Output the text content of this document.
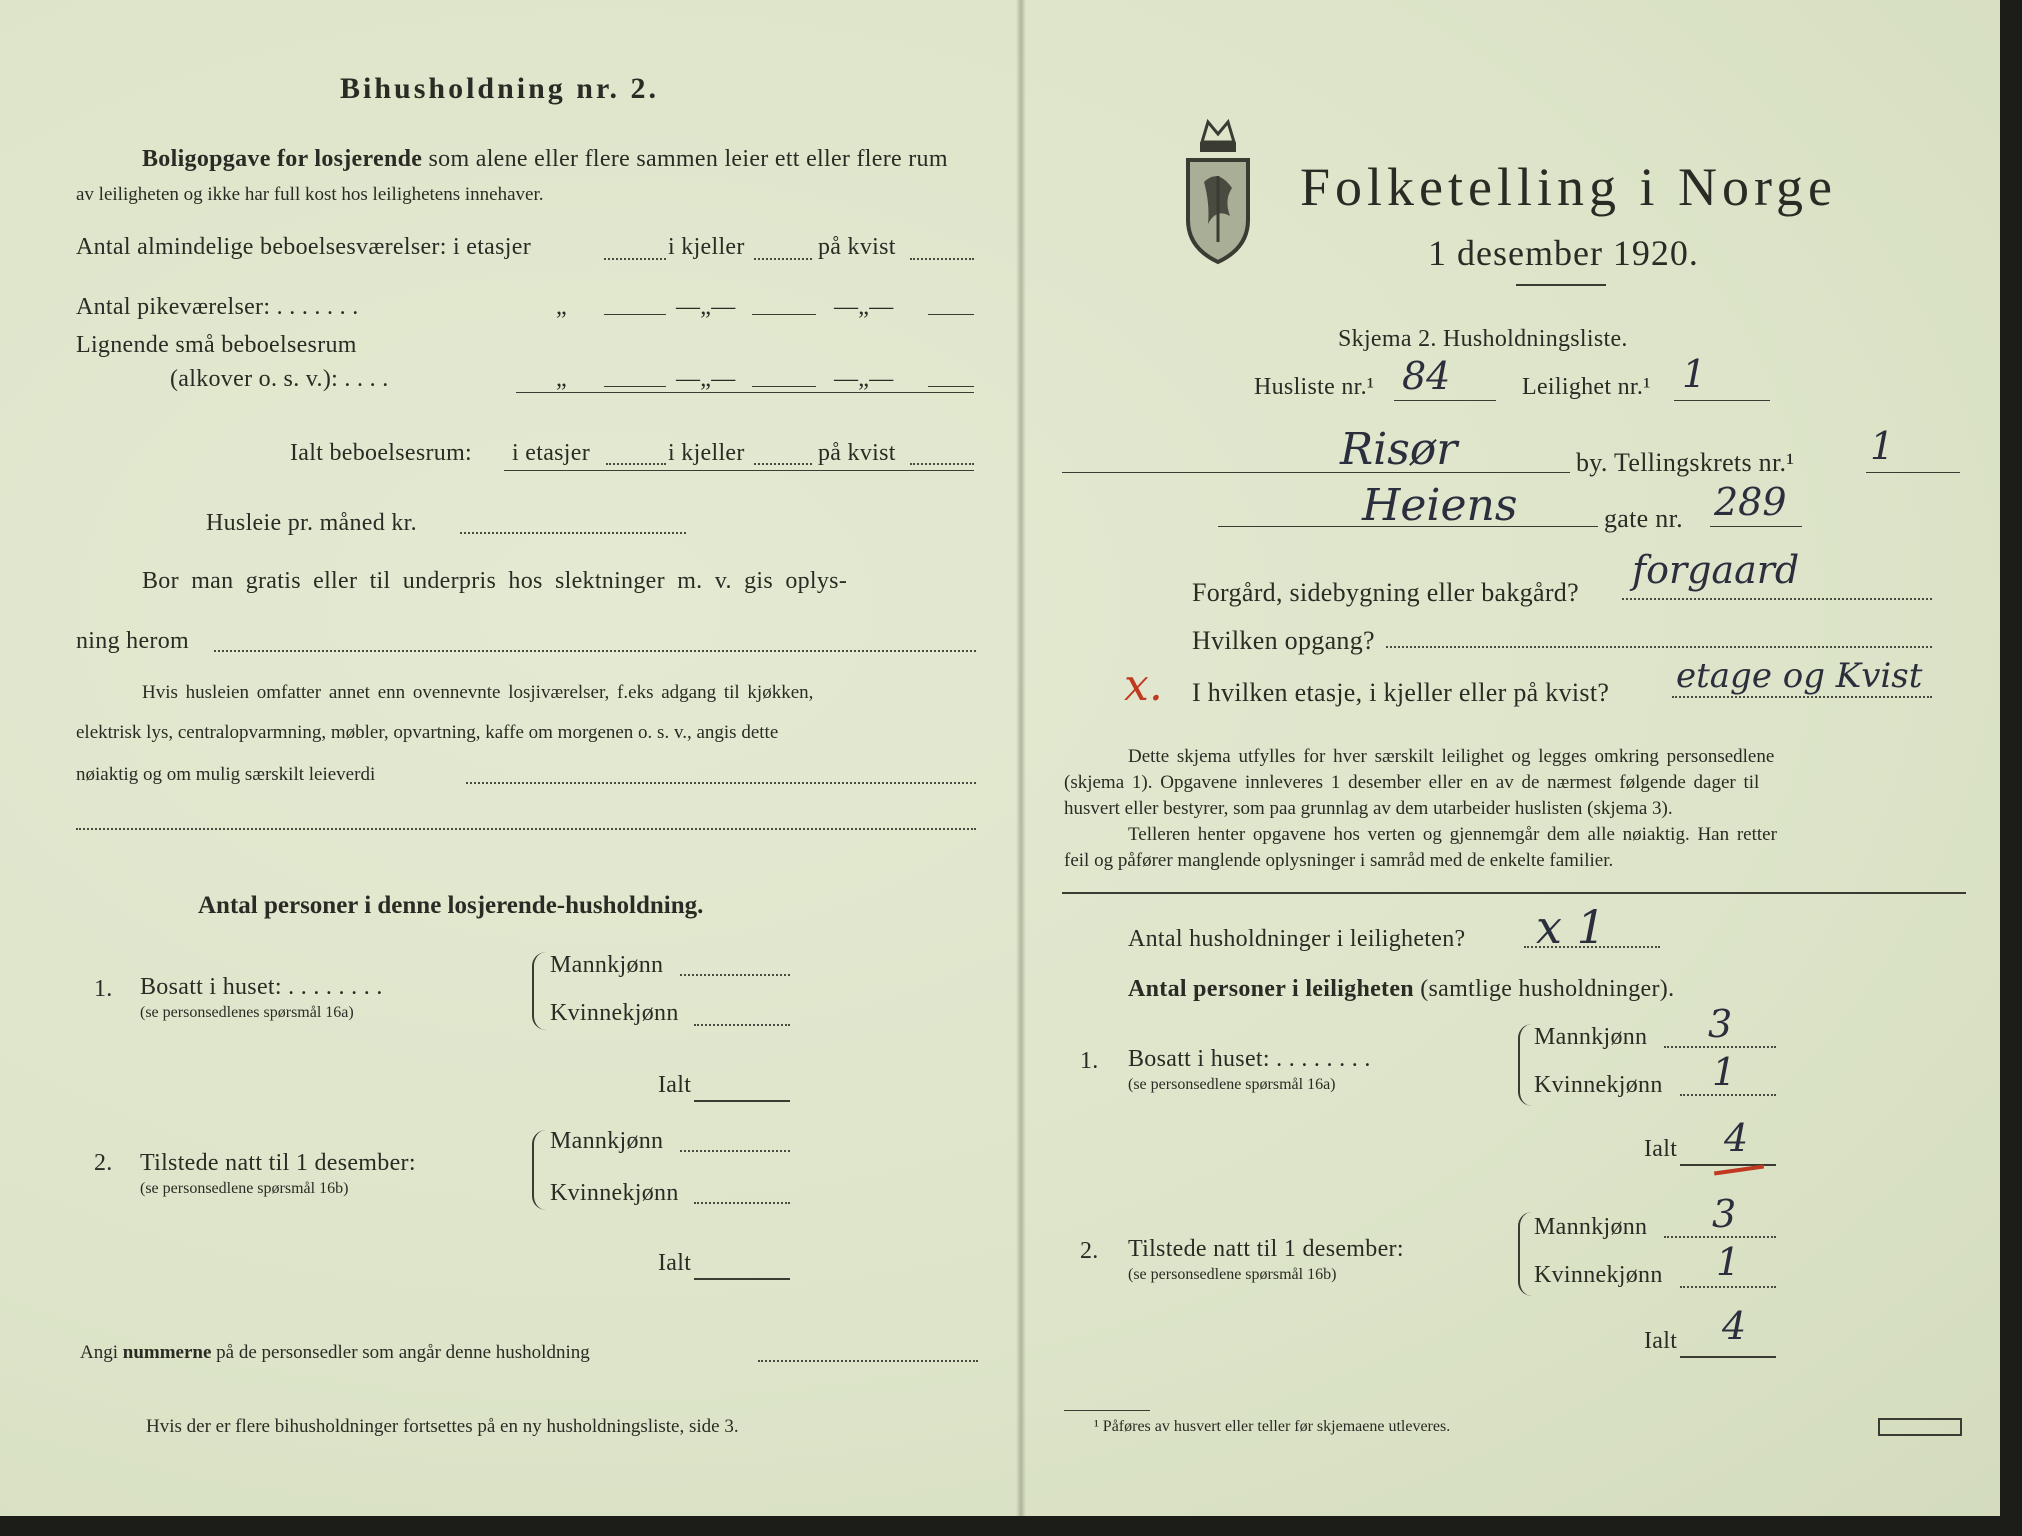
Bihusholdning nr. 2.
Boligopgave for losjerende som alene eller flere sammen leier ett eller flere rum
av leiligheten og ikke har full kost hos leilighetens innehaver.
Antal almindelige beboelsesværelser: i etasjer	i kjeller	på kvist
Antal pikeværelser: . . . . . . .	„	—„—	—„—
Lignende små beboelsesrum
(alkover o. s. v.): . . . .	„	—„—	—„—
Ialt beboelsesrum: i etasjer	i kjeller	på kvist
Husleie pr. måned kr.
Bor man gratis eller til underpris hos slektninger m. v. gis oplys-
ning herom
Hvis husleien omfatter annet enn ovennevnte losjiværelser, f.eks adgang til kjøkken,
elektrisk lys, centralopvarmning, møbler, opvartning, kaffe om morgenen o. s. v., angis dette
nøiaktig og om mulig særskilt leieverdi
Antal personer i denne losjerende-husholdning.
1. Bosatt i huset: . . . . . . . .
(se personsedlenes spørsmål 16a)
Mannkjønn
Kvinnekjønn
Ialt
2. Tilstede natt til 1 desember:
(se personsedlene spørsmål 16b)
Mannkjønn
Kvinnekjønn
Ialt
Angi nummerne på de personsedler som angår denne husholdning
Hvis der er flere bihusholdninger fortsettes på en ny husholdningsliste, side 3.
Folketelling i Norge
1 desember 1920.
Skjema 2. Husholdningsliste.
Husliste nr.¹ 84	Leilighet nr.¹ 1
Risør	by. Tellingskrets nr.¹ 1
Heiens	gate nr. 289
Forgård, sidebygning eller bakgård?
forgaard
Hvilken opgang?
x. I hvilken etasje, i kjeller eller på kvist? etage og Kvist
Dette skjema utfylles for hver særskilt leilighet og legges omkring personsedlene
(skjema 1). Opgavene innleveres 1 desember eller en av de nærmest følgende dager til
husvert eller bestyrer, som paa grunnlag av dem utarbeider huslisten (skjema 3).
Telleren henter opgavene hos verten og gjennemgår dem alle nøiaktig. Han retter
feil og påfører manglende oplysninger i samråd med de enkelte familier.
Antal husholdninger i leiligheten? x 1
Antal personer i leiligheten (samtlige husholdninger).
1. Bosatt i huset: . . . . . . . .
(se personsedlene spørsmål 16a)
Mannkjønn 3
Kvinnekjønn 1
Ialt 4
2. Tilstede natt til 1 desember:
(se personsedlene spørsmål 16b)
Mannkjønn 3
Kvinnekjønn 1
Ialt 4
¹ Påføres av husvert eller teller før skjemaene utleveres.
